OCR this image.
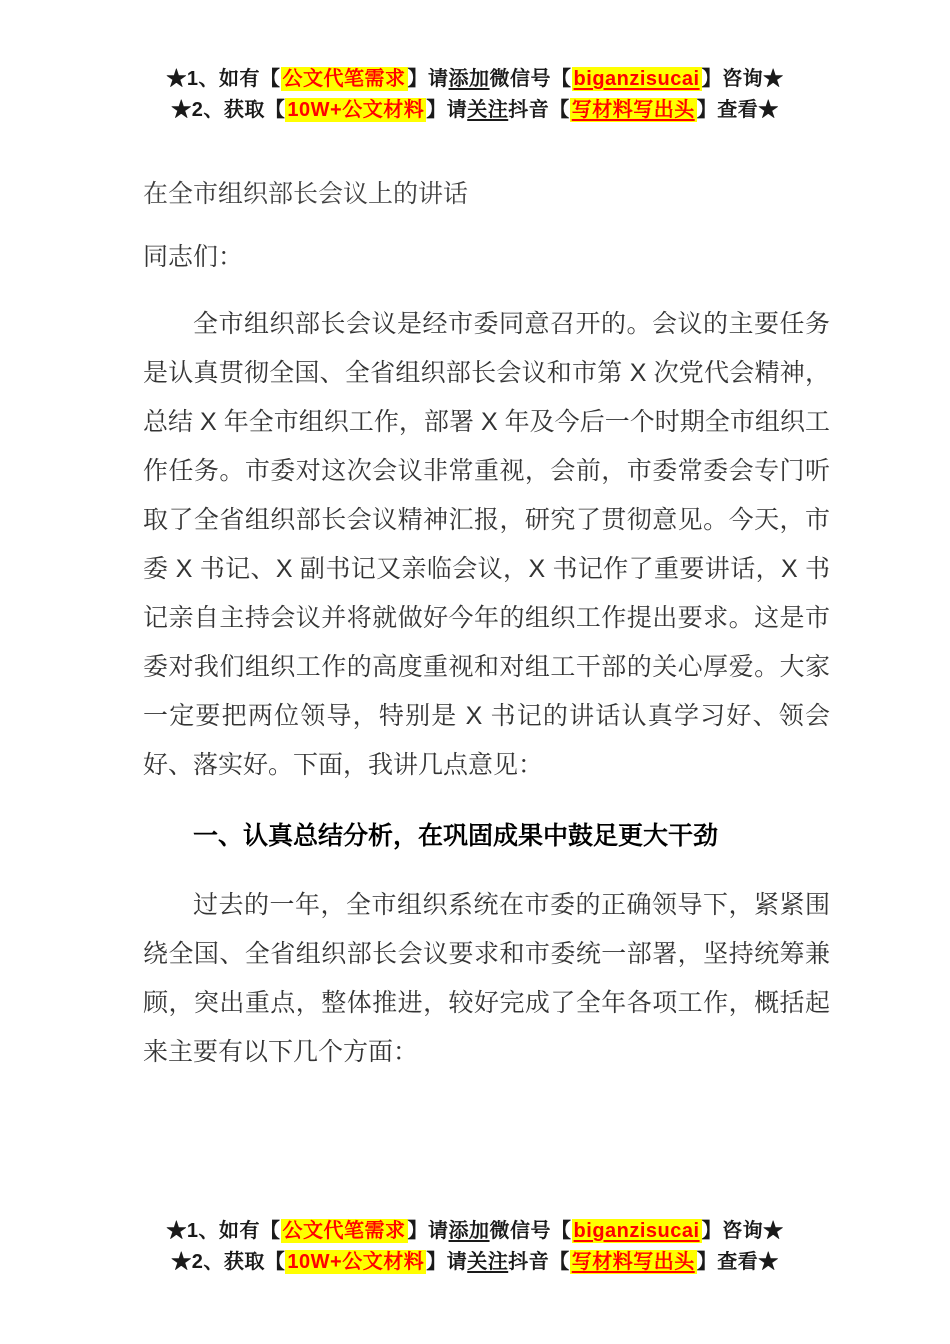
★1、如有【 公文代笔需求 】请添加微信号【 biganzisucai 】咨询★
★2、获取【 10W+公文材料 】请关注抖音【 写材料写出头 】查看★
在全市组织部长会议上的讲话
同志们：

全市组织部长会议是经市委同意召开的。会议的主要任务是认真贯彻全国、全省组织部长会议和市第 X 次党代会精神，总结 X 年全市组织工作，部署 X 年及今后一个时期全市组织工作任务。市委对这次会议非常重视，会前，市委常委会专门听取了全省组织部长会议精神汇报，研究了贯彻意见。今天，市委 X 书记、X 副书记又亲临会议，X 书记作了重要讲话，X 书记亲自主持会议并将就做好今年的组织工作提出要求。这是市委对我们组织工作的高度重视和对组工干部的关心厚爱。大家一定要把两位领导，特别是 X 书记的讲话认真学习好、领会好、落实好。下面，我讲几点意见：

一、认真总结分析，在巩固成果中鼓足更大干劲

过去的一年，全市组织系统在市委的正确领导下，紧紧围绕全国、全省组织部长会议要求和市委统一部署，坚持统筹兼顾，突出重点，整体推进，较好完成了全年各项工作，概括起来主要有以下几个方面：

★1、如有【 公文代笔需求 】请添加微信号【 biganzisucai 】咨询★
★2、获取【 10W+公文材料 】请关注抖音【 写材料写出头 】查看★
